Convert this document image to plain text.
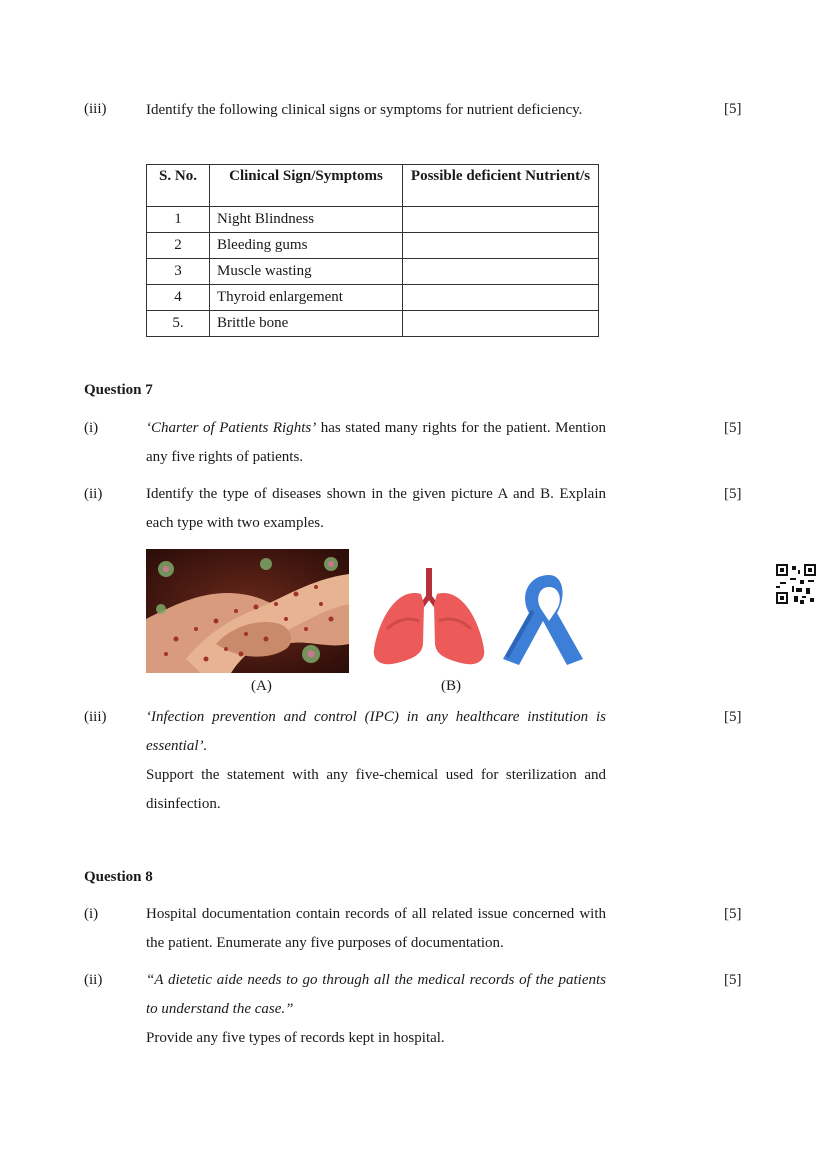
(iii)	Identify the following clinical signs or symptoms for nutrient deficiency.	[5]
S. No.	Clinical Sign/Symptoms	Possible deficient Nutrient/s
1	Night Blindness	
2	Bleeding gums	
3	Muscle wasting	
4	Thyroid enlargement	
5.	Brittle bone	
Question 7
(i)	‘Charter of Patients Rights’ has stated many rights for the patient. Mention any five rights of patients.
[5]
(ii)	Identify the type of diseases shown in the given picture A and B. Explain each type with two examples.
[5]
(A)	(B)
(iii)	‘Infection prevention and control (IPC) in any healthcare institution is essential’.
Support the statement with any five-chemical used for sterilization and disinfection.
[5]
Question 8
(i)	Hospital documentation contain records of all related issue concerned with the patient. Enumerate any five purposes of documentation.
[5]
(ii)	“A dietetic aide needs to go through all the medical records of the patients to understand the case.”
Provide any five types of records kept in hospital.
[5]
